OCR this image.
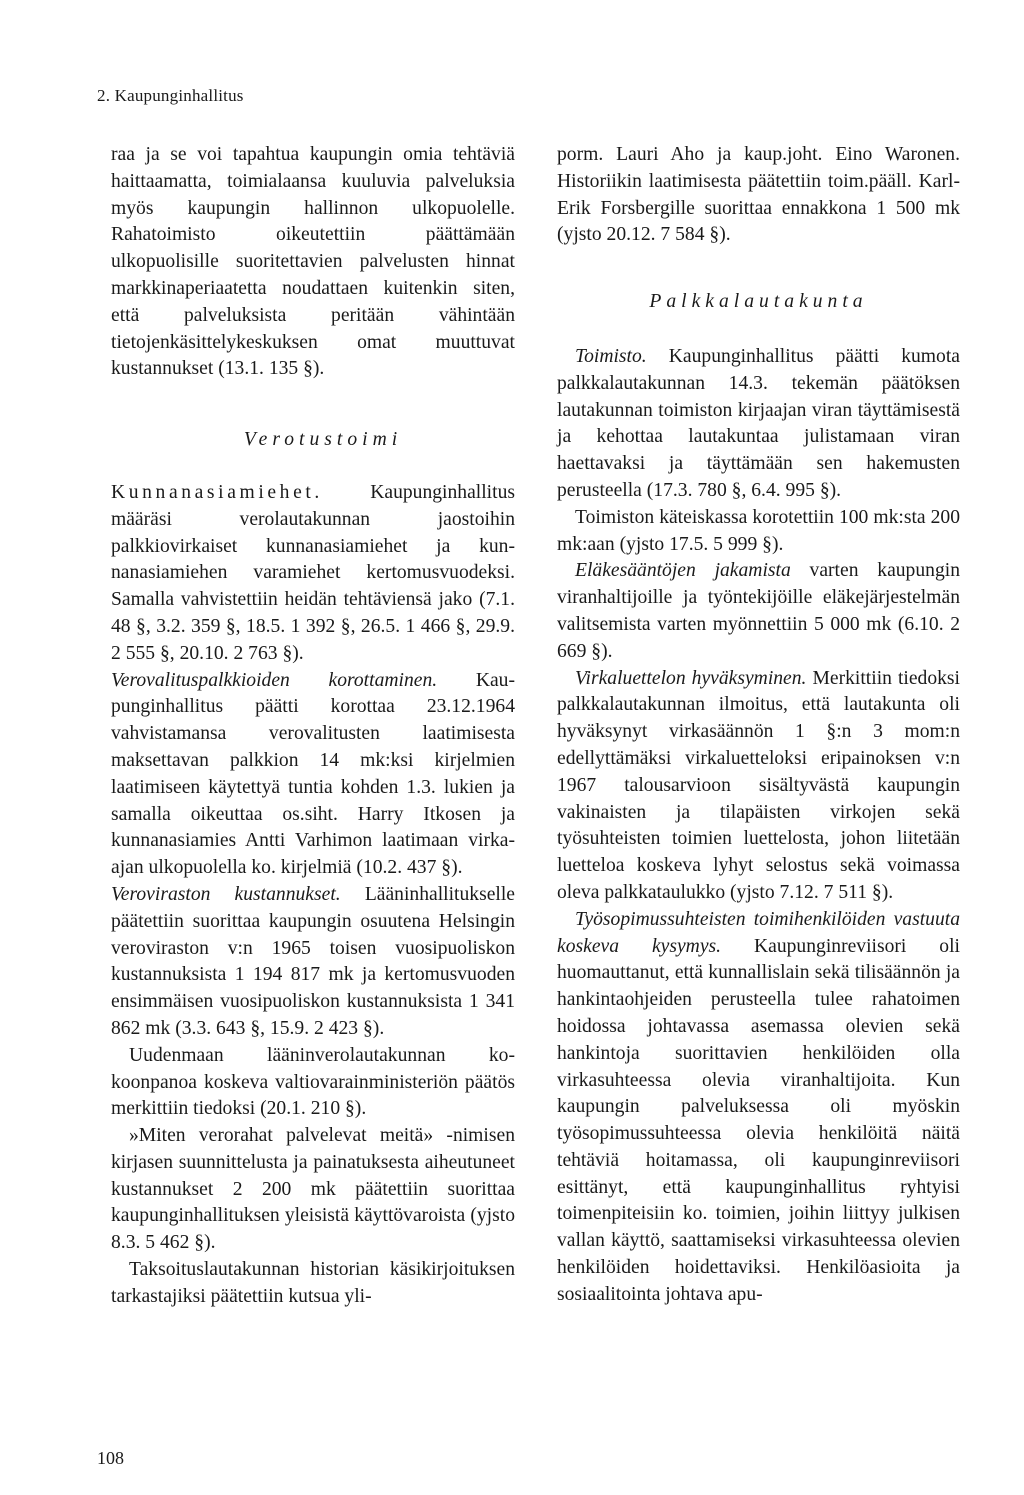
2. Kaupunginhallitus

raa ja se voi tapahtua kaupungin omia tehtäviä haittaamatta, toimialaansa kuuluvia palveluksia myös kaupungin hallinnon ulkopuolelle. Rahatoimisto oikeutettiin päättämään ulkopuolisille suoritettavien palvelusten hinnat markkinaperiaatetta noudattaen kuitenkin siten, että palveluksista peritään vähintään tietojenkäsittelykeskuksen omat muuttuvat kustannukset (13.1. 135 §).

Verotustoimi

Kunnanasiamiehet. Kaupunginhallitus määräsi verolautakunnan jaostoihin palkkiovirkaiset kunnanasiamiehet ja kunnanasiamiehen varamiehet kertomusvuodeksi. Samalla vahvistettiin heidän tehtäviensä jako (7.1. 48 §, 3.2. 359 §, 18.5. 1 392 §, 26.5. 1 466 §, 29.9. 2 555 §, 20.10. 2 763 §).

Verovalituspalkkioiden korottaminen. Kaupunginhallitus päätti korottaa 23.12.1964 vahvistamansa verovalitusten laatimisesta maksettavan palkkion 14 mk:ksi kirjelmien laatimiseen käytettyä tuntia kohden 1.3. lukien ja samalla oikeuttaa os.siht. Harry Itkosen ja kunnanasiamies Antti Varhimon laatimaan virka-ajan ulkopuolella ko. kirjelmiä (10.2. 437 §).

Veroviraston kustannukset. Lääninhallitukselle päätettiin suorittaa kaupungin osuutena Helsingin veroviraston v:n 1965 toisen vuosipuoliskon kustannuksista 1 194 817 mk ja kertomusvuoden ensimmäisen vuosipuoliskon kustannuksista 1 341 862 mk (3.3. 643 §, 15.9. 2 423 §).

Uudenmaan lääninverolautakunnan kokoonpanoa koskeva valtiovarainministeriön päätös merkittiin tiedoksi (20.1. 210 §).

»Miten verorahat palvelevat meitä» -nimisen kirjasen suunnittelusta ja painatuksesta aiheutuneet kustannukset 2 200 mk päätettiin suorittaa kaupunginhallituksen yleisistä käyttövaroista (yjsto 8.3. 5 462 §).

Taksoituslautakunnan historian käsikirjoituksen tarkastajiksi päätettiin kutsua yli-

porm. Lauri Aho ja kaup.joht. Eino Waronen. Historiikin laatimisesta päätettiin toim.pääll. Karl-Erik Forsbergille suorittaa ennakkona 1 500 mk (yjsto 20.12. 7 584 §).

Palkkalautakunta

Toimisto. Kaupunginhallitus päätti kumota palkkalautakunnan 14.3. tekemän päätöksen lautakunnan toimiston kirjaajan viran täyttämisestä ja kehottaa lautakuntaa julistamaan viran haettavaksi ja täyttämään sen hakemusten perusteella (17.3. 780 §, 6.4. 995 §).

Toimiston käteiskassa korotettiin 100 mk:sta 200 mk:aan (yjsto 17.5. 5 999 §).

Eläkesääntöjen jakamista varten kaupungin viranhaltijoille ja työntekijöille eläkejärjestelmän valitsemista varten myönnettiin 5 000 mk (6.10. 2 669 §).

Virkaluettelon hyväksyminen. Merkittiin tiedoksi palkkalautakunnan ilmoitus, että lautakunta oli hyväksynyt virkasäännön 1 §:n 3 mom:n edellyttämäksi virkaluetteloksi eripainoksen v:n 1967 talousarvioon sisältyvästä kaupungin vakinaisten ja tilapäisten virkojen sekä työsuhteisten toimien luettelosta, johon liitetään luetteloa koskeva lyhyt selostus sekä voimassa oleva palkkataulukko (yjsto 7.12. 7 511 §).

Työsopimussuhteisten toimihenkilöiden vastuuta koskeva kysymys. Kaupunginreviisori oli huomauttanut, että kunnallislain sekä tilisäännön ja hankintaohjeiden perusteella tulee rahatoimen hoidossa johtavassa asemassa olevien sekä hankintoja suorittavien henkilöiden olla virkasuhteessa olevia viranhaltijoita. Kun kaupungin palveluksessa oli myöskin työsopimussuhteessa olevia henkilöitä näitä tehtäviä hoitamassa, oli kaupunginreviisori esittänyt, että kaupunginhallitus ryhtyisi toimenpiteisiin ko. toimien, joihin liittyy julkisen vallan käyttö, saattamiseksi virkasuhteessa olevien henkilöiden hoidettaviksi. Henkilöasioita ja sosiaalitointa johtava apu-

108
